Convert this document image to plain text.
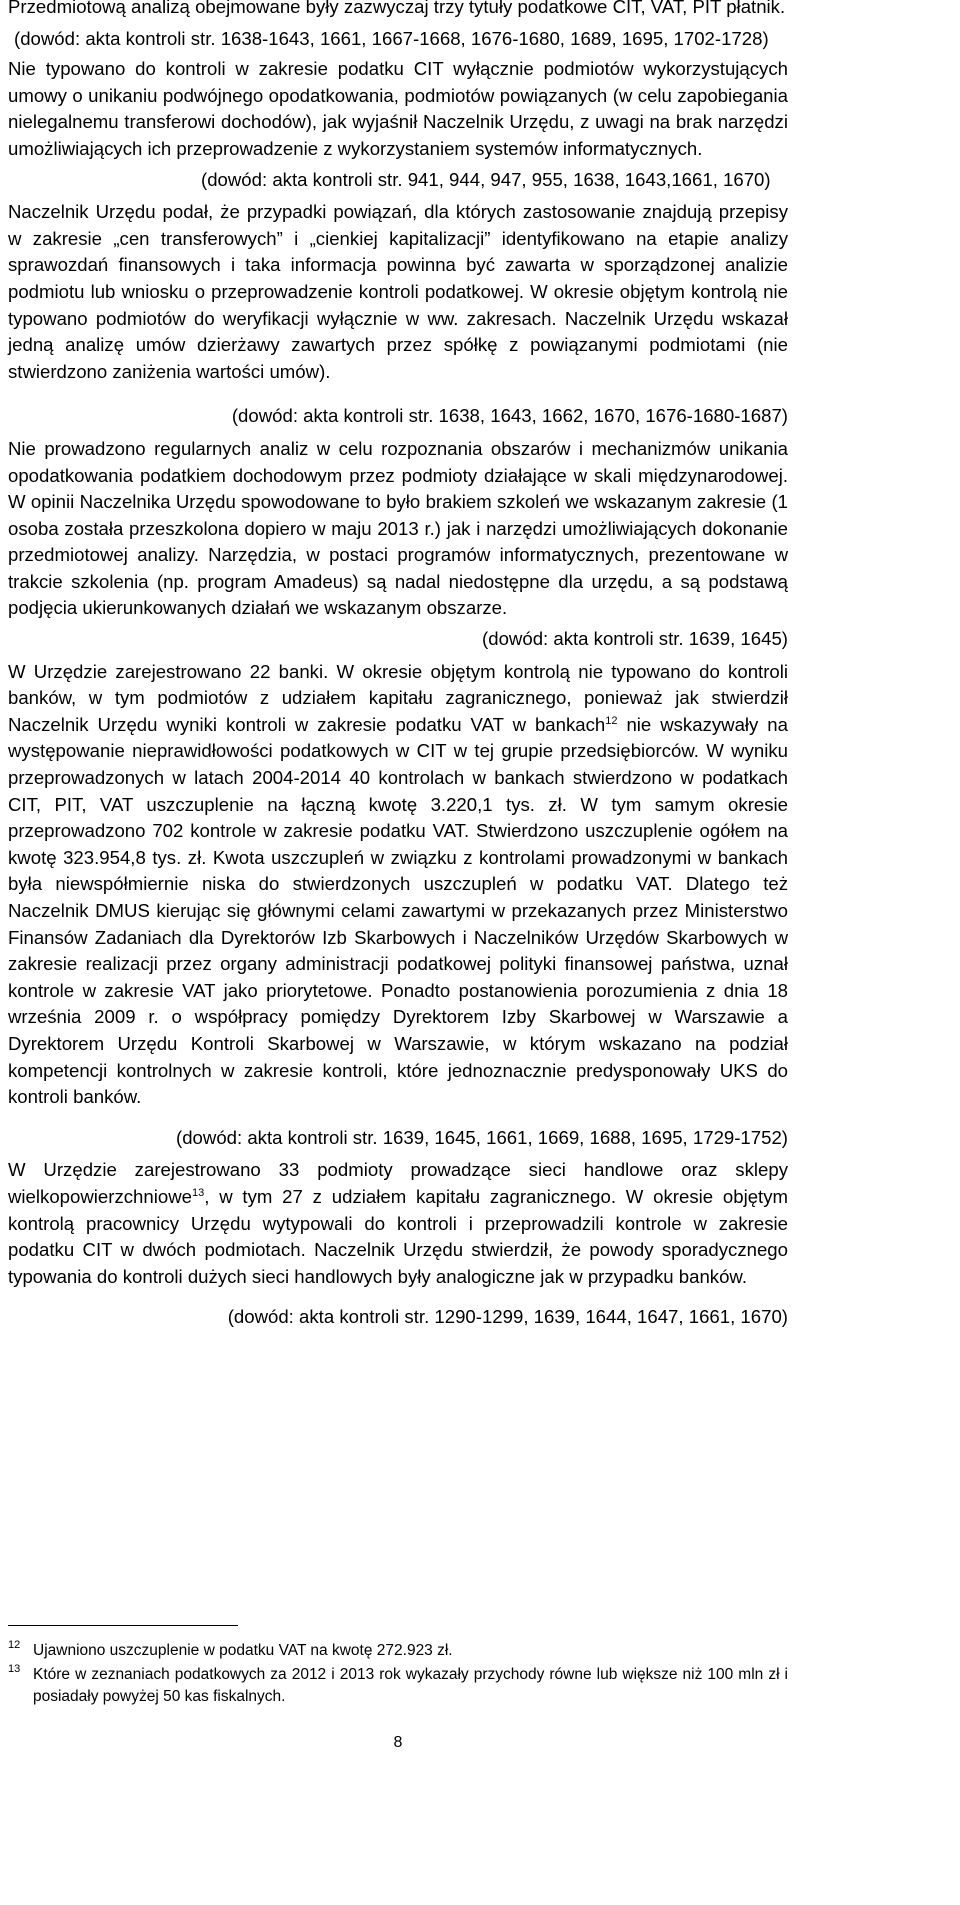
Przedmiotową analizą obejmowane były zazwyczaj trzy tytuły podatkowe CIT, VAT, PIT płatnik.

(dowód: akta kontroli str. 1638-1643, 1661, 1667-1668, 1676-1680, 1689, 1695, 1702-1728)

Nie typowano do kontroli w zakresie podatku CIT wyłącznie podmiotów wykorzystujących umowy o unikaniu podwójnego opodatkowania, podmiotów powiązanych (w celu zapobiegania nielegalnemu transferowi dochodów), jak wyjaśnił Naczelnik Urzędu, z uwagi na brak narzędzi umożliwiających ich przeprowadzenie z wykorzystaniem systemów informatycznych.

(dowód: akta kontroli str. 941, 944, 947, 955, 1638, 1643,1661, 1670)

Naczelnik Urzędu podał, że przypadki powiązań, dla których zastosowanie znajdują przepisy w zakresie „cen transferowych” i „cienkiej kapitalizacji” identyfikowano na etapie analizy sprawozdań finansowych i taka informacja powinna być zawarta w sporządzonej analizie podmiotu lub wniosku o przeprowadzenie kontroli podatkowej. W okresie objętym kontrolą nie typowano podmiotów do weryfikacji wyłącznie w ww. zakresach. Naczelnik Urzędu wskazał jedną analizę umów dzierżawy zawartych przez spółkę z powiązanymi podmiotami (nie stwierdzono zaniżenia wartości umów).

(dowód: akta kontroli str. 1638, 1643, 1662, 1670, 1676-1680-1687)

Nie prowadzono regularnych analiz w celu rozpoznania obszarów i mechanizmów unikania opodatkowania podatkiem dochodowym przez podmioty działające w skali międzynarodowej. W opinii Naczelnika Urzędu spowodowane to było brakiem szkoleń we wskazanym zakresie (1 osoba została przeszkolona dopiero w maju 2013 r.) jak i narzędzi umożliwiających dokonanie przedmiotowej analizy. Narzędzia, w postaci programów informatycznych, prezentowane w trakcie szkolenia (np. program Amadeus) są nadal niedostępne dla urzędu, a są podstawą podjęcia ukierunkowanych działań we wskazanym obszarze.

(dowód: akta kontroli str. 1639, 1645)

W Urzędzie zarejestrowano 22 banki. W okresie objętym kontrolą nie typowano do kontroli banków, w tym podmiotów z udziałem kapitału zagranicznego, ponieważ jak stwierdził Naczelnik Urzędu wyniki kontroli w zakresie podatku VAT w bankach$^{12}$ nie wskazywały na występowanie nieprawidłowości podatkowych w CIT w tej grupie przedsiębiorców. W wyniku przeprowadzonych w latach 2004-2014 40 kontrolach w bankach stwierdzono w podatkach CIT, PIT, VAT uszczuplenie na łączną kwotę 3.220,1 tys. zł. W tym samym okresie przeprowadzono 702 kontrole w zakresie podatku VAT. Stwierdzono uszczuplenie ogółem na kwotę 323.954,8 tys. zł. Kwota uszczupleń w związku z kontrolami prowadzonymi w bankach była niewspółmiernie niska do stwierdzonych uszczupleń w podatku VAT. Dlatego też Naczelnik DMUS kierując się głównymi celami zawartymi w przekazanych przez Ministerstwo Finansów Zadaniach dla Dyrektorów Izb Skarbowych i Naczelników Urzędów Skarbowych w zakresie realizacji przez organy administracji podatkowej polityki finansowej państwa, uznał kontrole w zakresie VAT jako priorytetowe. Ponadto postanowienia porozumienia z dnia 18 września 2009 r. o współpracy pomiędzy Dyrektorem Izby Skarbowej w Warszawie a Dyrektorem Urzędu Kontroli Skarbowej w Warszawie, w którym wskazano na podział kompetencji kontrolnych w zakresie kontroli, które jednoznacznie predysponowały UKS do kontroli banków.

(dowód: akta kontroli str. 1639, 1645, 1661, 1669, 1688, 1695, 1729-1752)

W Urzędzie zarejestrowano 33 podmioty prowadzące sieci handlowe oraz sklepy wielkopowierzchniowe$^{13}$, w tym 27 z udziałem kapitału zagranicznego. W okresie objętym kontrolą pracownicy Urzędu wytypowali do kontroli i przeprowadzili kontrole w zakresie podatku CIT w dwóch podmiotach. Naczelnik Urzędu stwierdził, że powody sporadycznego typowania do kontroli dużych sieci handlowych były analogiczne jak w przypadku banków.

(dowód: akta kontroli str. 1290-1299, 1639, 1644, 1647, 1661, 1670)

12 Ujawniono uszczuplenie w podatku VAT na kwotę 272.923 zł.
13 Które w zeznaniach podatkowych za 2012 i 2013 rok wykazały przychody równe lub większe niż 100 mln zł i posiadały powyżej 50 kas fiskalnych.
8
